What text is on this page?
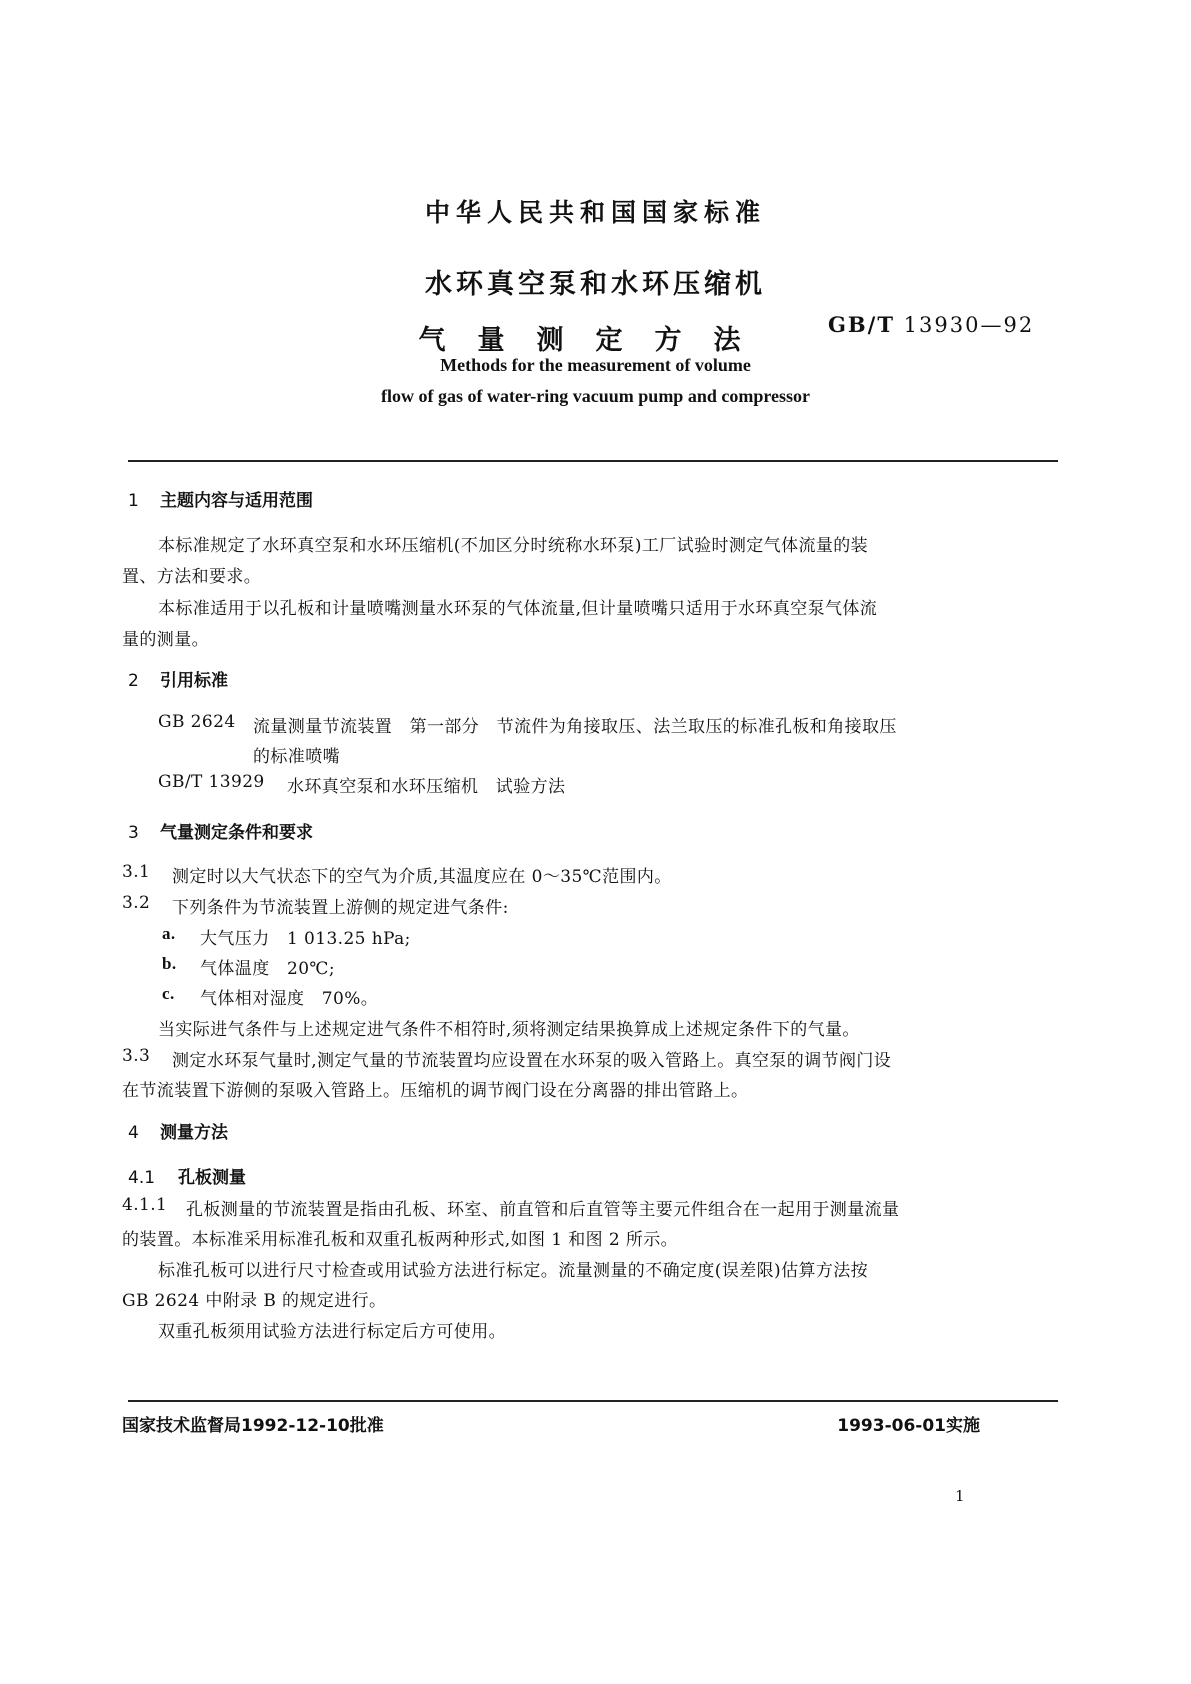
中华人民共和国国家标准
水环真空泵和水环压缩机
气量测定方法
GB/T 13930—92
Methods for the measurement of volume
flow of gas of water-ring vacuum pump and compressor
1 主题内容与适用范围
本标准规定了水环真空泵和水环压缩机(不加区分时统称水环泵)工厂试验时测定气体流量的装
置、方法和要求。
本标准适用于以孔板和计量喷嘴测量水环泵的气体流量,但计量喷嘴只适用于水环真空泵气体流
量的测量。
2 引用标准
GB 2624 流量测量节流装置　第一部分　节流件为角接取压、法兰取压的标准孔板和角接取压
的标准喷嘴
GB/T 13929 水环真空泵和水环压缩机　试验方法
3 气量测定条件和要求
3.1 测定时以大气状态下的空气为介质,其温度应在 0～35℃范围内。
3.2 下列条件为节流装置上游侧的规定进气条件:
a. 大气压力　1 013.25 hPa;
b. 气体温度　20℃;
c. 气体相对湿度　70%。
当实际进气条件与上述规定进气条件不相符时,须将测定结果换算成上述规定条件下的气量。
3.3 测定水环泵气量时,测定气量的节流装置均应设置在水环泵的吸入管路上。真空泵的调节阀门设
在节流装置下游侧的泵吸入管路上。压缩机的调节阀门设在分离器的排出管路上。
4 测量方法
4.1 孔板测量
4.1.1 孔板测量的节流装置是指由孔板、环室、前直管和后直管等主要元件组合在一起用于测量流量
的装置。本标准采用标准孔板和双重孔板两种形式,如图 1 和图 2 所示。
标准孔板可以进行尺寸检查或用试验方法进行标定。流量测量的不确定度(误差限)估算方法按
GB 2624 中附录 B 的规定进行。
双重孔板须用试验方法进行标定后方可使用。
国家技术监督局1992-12-10批准	1993-06-01实施
1
